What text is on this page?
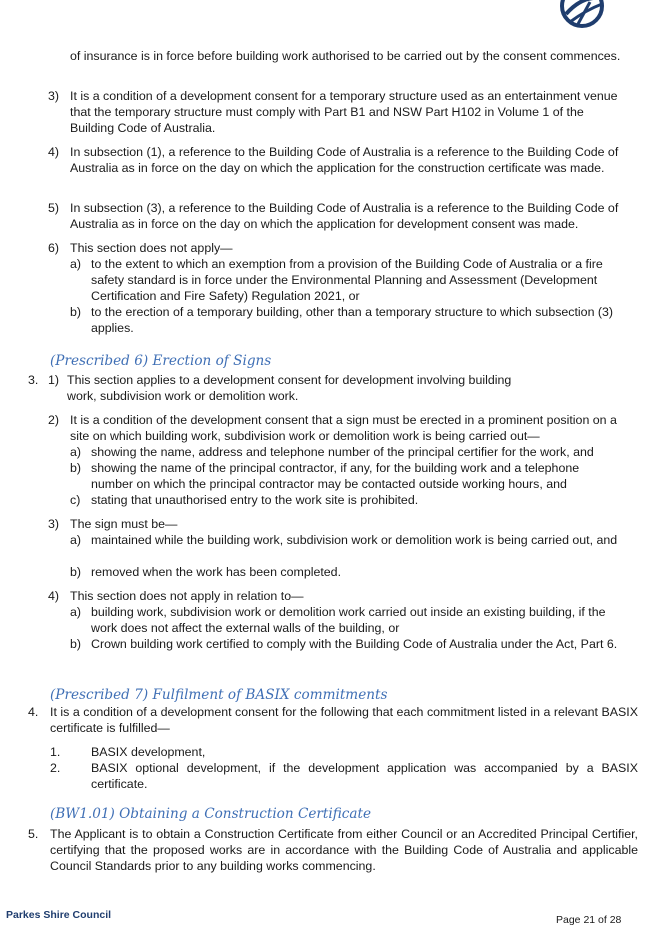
of insurance is in force before building work authorised to be carried out by the consent commences.
3) It is a condition of a development consent for a temporary structure used as an entertainment venue that the temporary structure must comply with Part B1 and NSW Part H102 in Volume 1 of the Building Code of Australia.
4) In subsection (1), a reference to the Building Code of Australia is a reference to the Building Code of Australia as in force on the day on which the application for the construction certificate was made.
5) In subsection (3), a reference to the Building Code of Australia is a reference to the Building Code of Australia as in force on the day on which the application for development consent was made.
6) This section does not apply—
a) to the extent to which an exemption from a provision of the Building Code of Australia or a fire safety standard is in force under the Environmental Planning and Assessment (Development Certification and Fire Safety) Regulation 2021, or
b) to the erection of a temporary building, other than a temporary structure to which subsection (3) applies.
(Prescribed 6) Erection of Signs
3. 1) This section applies to a development consent for development involving building work, subdivision work or demolition work.
2) It is a condition of the development consent that a sign must be erected in a prominent position on a site on which building work, subdivision work or demolition work is being carried out—
a) showing the name, address and telephone number of the principal certifier for the work, and
b) showing the name of the principal contractor, if any, for the building work and a telephone number on which the principal contractor may be contacted outside working hours, and
c) stating that unauthorised entry to the work site is prohibited.
3) The sign must be—
a) maintained while the building work, subdivision work or demolition work is being carried out, and
b) removed when the work has been completed.
4) This section does not apply in relation to—
a) building work, subdivision work or demolition work carried out inside an existing building, if the work does not affect the external walls of the building, or
b) Crown building work certified to comply with the Building Code of Australia under the Act, Part 6.
(Prescribed 7) Fulfilment of BASIX commitments
4. It is a condition of a development consent for the following that each commitment listed in a relevant BASIX certificate is fulfilled—
1. BASIX development,
2. BASIX optional development, if the development application was accompanied by a BASIX certificate.
(BW1.01) Obtaining a Construction Certificate
5. The Applicant is to obtain a Construction Certificate from either Council or an Accredited Principal Certifier, certifying that the proposed works are in accordance with the Building Code of Australia and applicable Council Standards prior to any building works commencing.
Parkes Shire Council	Page 21 of 28
